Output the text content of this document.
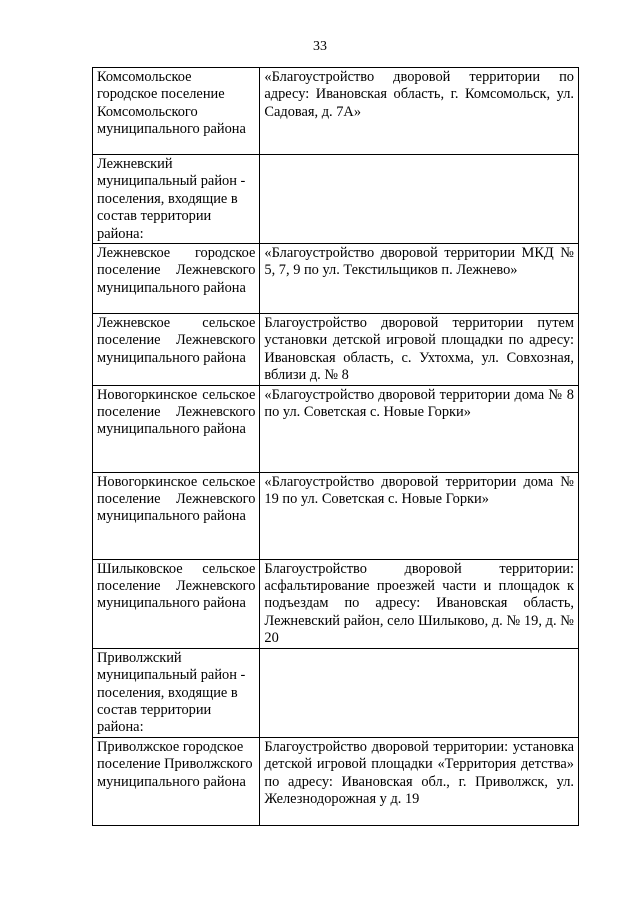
33
Комсомольское городское поселение Комсомольского муниципального района	«Благоустройство дворовой территории по адресу: Ивановская область, г. Комсомольск, ул. Садовая, д. 7А»
Лежневский муниципальный район - поселения, входящие в состав территории района:	
Лежневское городское поселение Лежневского муниципального района	«Благоустройство дворовой территории МКД № 5, 7, 9 по ул. Текстильщиков п. Лежнево»
Лежневское сельское поселение Лежневского муниципального района	Благоустройство дворовой территории путем установки детской игровой площадки по адресу: Ивановская область, с. Ухтохма, ул. Совхозная, вблизи д. № 8
Новогоркинское сельское поселение Лежневского муниципального района	«Благоустройство дворовой территории дома № 8 по ул. Советская с. Новые Горки»
Новогоркинское сельское поселение Лежневского муниципального района	«Благоустройство дворовой территории дома № 19 по ул. Советская с. Новые Горки»
Шилыковское сельское поселение Лежневского муниципального района	Благоустройство дворовой территории: асфальтирование проезжей части и площадок к подъездам по адресу: Ивановская область, Лежневский район, село Шилыково, д. № 19, д. № 20
Приволжский муниципальный район - поселения, входящие в состав территории района:	
Приволжское городское поселение Приволжского муниципального района	Благоустройство дворовой территории: установка детской игровой площадки «Территория детства» по адресу: Ивановская обл., г. Приволжск, ул. Железнодорожная у д. 19
